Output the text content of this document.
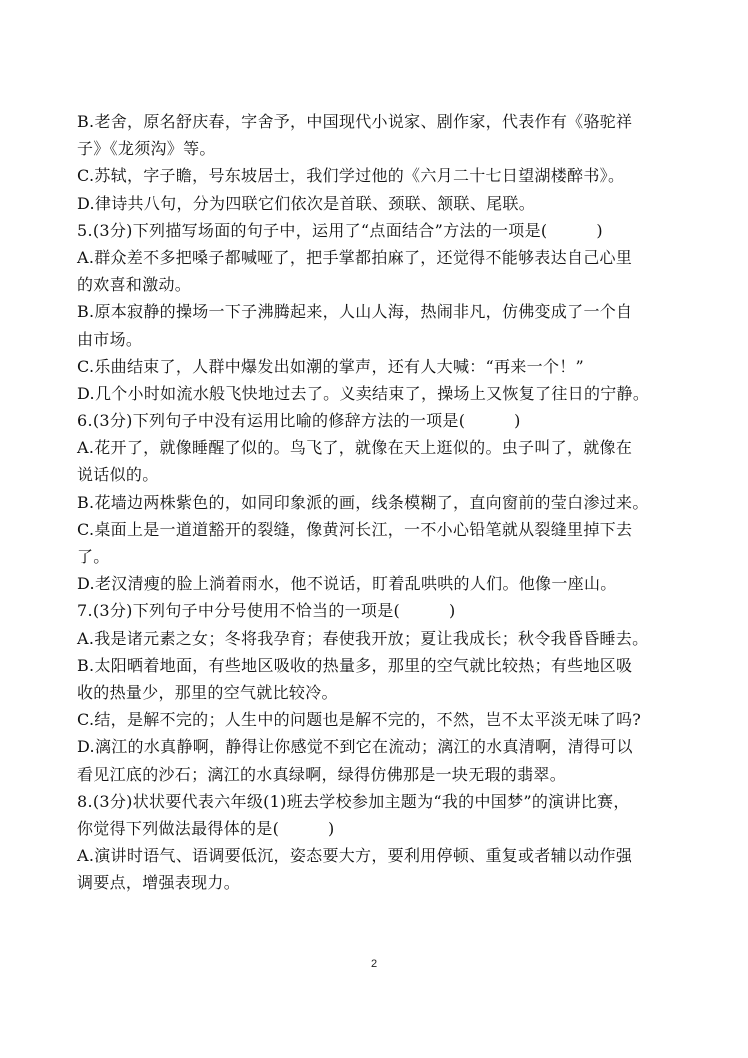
B.老舍，原名舒庆春，字舍予，中国现代小说家、剧作家，代表作有《骆驼祥
子》《龙须沟》等。
C.苏轼，字子瞻，号东坡居士，我们学过他的《六月二十七日望湖楼醉书》。
D.律诗共八句，分为四联它们依次是首联、颈联、颔联、尾联。
5.(3分)下列描写场面的句子中，运用了“点面结合”方法的一项是(　　　)
A.群众差不多把嗓子都喊哑了，把手掌都拍麻了，还觉得不能够表达自己心里
的欢喜和激动。
B.原本寂静的操场一下子沸腾起来，人山人海，热闹非凡，仿佛变成了一个自
由市场。
C.乐曲结束了，人群中爆发出如潮的掌声，还有人大喊：“再来一个！”
D.几个小时如流水般飞快地过去了。义卖结束了，操场上又恢复了往日的宁静。
6.(3分)下列句子中没有运用比喻的修辞方法的一项是(　　　)
A.花开了，就像睡醒了似的。鸟飞了，就像在天上逛似的。虫子叫了，就像在
说话似的。
B.花墙边两株紫色的，如同印象派的画，线条模糊了，直向窗前的莹白渗过来。
C.桌面上是一道道豁开的裂缝，像黄河长江，一不小心铅笔就从裂缝里掉下去
了。
D.老汉清瘦的脸上淌着雨水，他不说话，盯着乱哄哄的人们。他像一座山。
7.(3分)下列句子中分号使用不恰当的一项是(　　　)
A.我是诸元素之女；冬将我孕育；春使我开放；夏让我成长；秋令我昏昏睡去。
B.太阳晒着地面，有些地区吸收的热量多，那里的空气就比较热；有些地区吸
收的热量少，那里的空气就比较冷。
C.结，是解不完的；人生中的问题也是解不完的，不然，岂不太平淡无味了吗?
D.漓江的水真静啊，静得让你感觉不到它在流动；漓江的水真清啊，清得可以
看见江底的沙石；漓江的水真绿啊，绿得仿佛那是一块无瑕的翡翠。
8.(3分)状状要代表六年级(1)班去学校参加主题为“我的中国梦”的演讲比赛，
你觉得下列做法最得体的是(　　　)
A.演讲时语气、语调要低沉，姿态要大方，要利用停顿、重复或者辅以动作强
调要点，增强表现力。
2
